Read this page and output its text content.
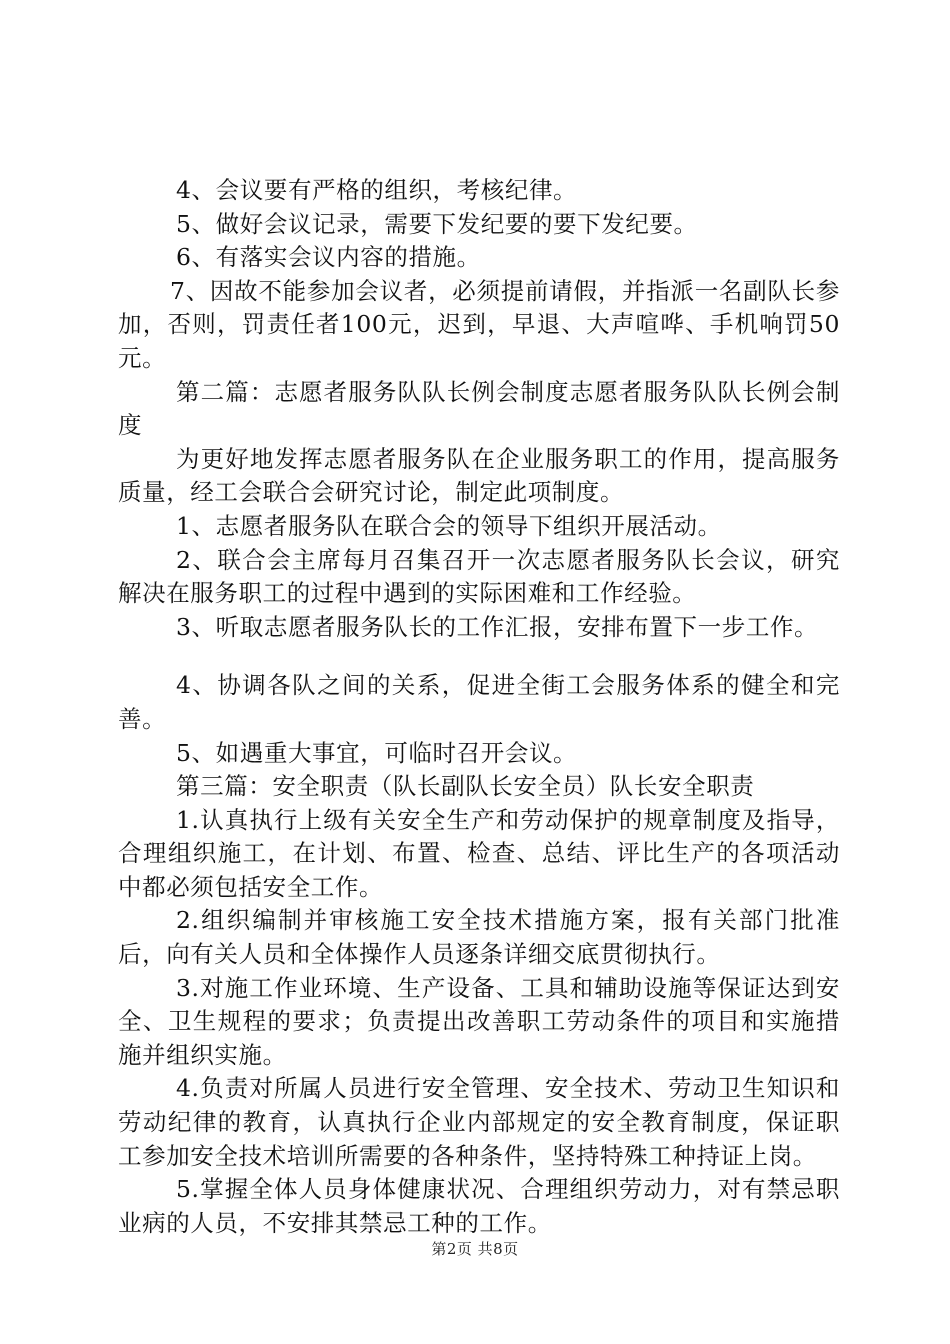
4、会议要有严格的组织，考核纪律。

5、做好会议记录，需要下发纪要的要下发纪要。

6、有落实会议内容的措施。

7、因故不能参加会议者，必须提前请假，并指派一名副队长参加，否则，罚责任者100元，迟到，早退、大声喧哗、手机响罚50元。

第二篇：志愿者服务队队长例会制度志愿者服务队队长例会制度

为更好地发挥志愿者服务队在企业服务职工的作用，提高服务质量，经工会联合会研究讨论，制定此项制度。

1、志愿者服务队在联合会的领导下组织开展活动。

2、联合会主席每月召集召开一次志愿者服务队长会议，研究解决在服务职工的过程中遇到的实际困难和工作经验。

3、听取志愿者服务队长的工作汇报，安排布置下一步工作。

4、协调各队之间的关系，促进全街工会服务体系的健全和完善。

5、如遇重大事宜，可临时召开会议。

第三篇：安全职责（队长副队长安全员）队长安全职责

1.认真执行上级有关安全生产和劳动保护的规章制度及指导，合理组织施工，在计划、布置、检查、总结、评比生产的各项活动中都必须包括安全工作。

2.组织编制并审核施工安全技术措施方案，报有关部门批准后，向有关人员和全体操作人员逐条详细交底贯彻执行。

3.对施工作业环境、生产设备、工具和辅助设施等保证达到安全、卫生规程的要求；负责提出改善职工劳动条件的项目和实施措施并组织实施。

4.负责对所属人员进行安全管理、安全技术、劳动卫生知识和劳动纪律的教育，认真执行企业内部规定的安全教育制度，保证职工参加安全技术培训所需要的各种条件，坚持特殊工种持证上岗。

5.掌握全体人员身体健康状况、合理组织劳动力，对有禁忌职业病的人员，不安排其禁忌工种的工作。

第2页 共8页
